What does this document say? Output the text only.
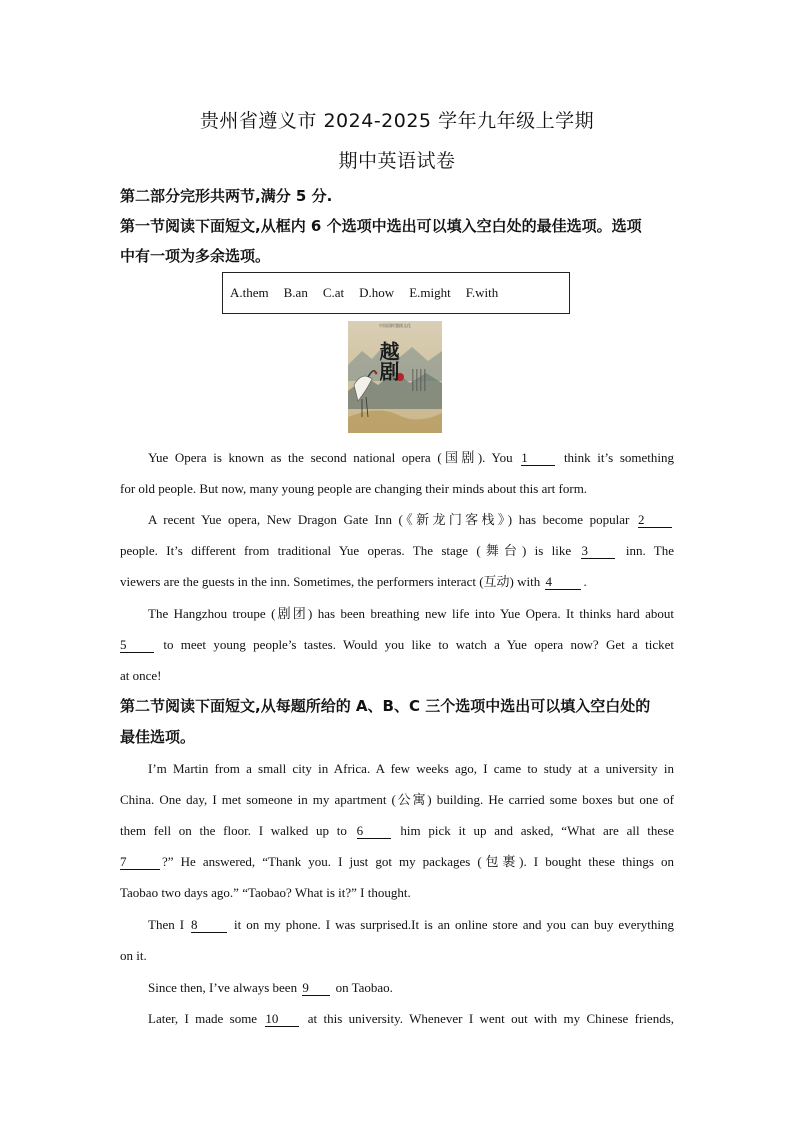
贵州省遵义市 2024-2025 学年九年级上学期
期中英语试卷
第二部分完形共两节,满分 5 分.
第一节阅读下面短文,从框内 6 个选项中选出可以填入空白处的最佳选项。选项
中有一项为多余选项。
A.them B.an C.at D.how E.might F.with
中国国粹越剧文化
越剧
Yue Opera is known as the second national opera (国剧). You 1	think it’s something
for old people. But now, many young people are changing their minds about this art form.
A recent Yue opera, New Dragon Gate Inn (《新龙门客栈》) has become popular 2
people. It’s different from traditional Yue operas. The stage (舞台) is like 3	inn. The
viewers are the guests in the inn. Sometimes, the performers interact (互动) with 4 .
The Hangzhou troupe (剧团) has been breathing new life into Yue Opera. It thinks hard about
5	to meet young people’s tastes. Would you like to watch a Yue opera now? Get a ticket
at once!
第二节阅读下面短文,从每题所给的 A、B、C 三个选项中选出可以填入空白处的
最佳选项。
I’m Martin from a small city in Africa. A few weeks ago, I came to study at a university in
China. One day, I met someone in my apartment (公寓) building. He carried some boxes but one of
them fell on the floor. I walked up to 6	him pick it up and asked, “What are all these
7	?” He answered, “Thank you. I just got my packages (包裹). I bought these things on
Taobao two days ago.” “Taobao? What is it?” I thought.
Then I 8	it on my phone. I was surprised.It is an online store and you can buy everything
on it.
Since then, I’ve always been 9 on Taobao.
Later, I made some 10 at this university. Whenever I went out with my Chinese friends,
